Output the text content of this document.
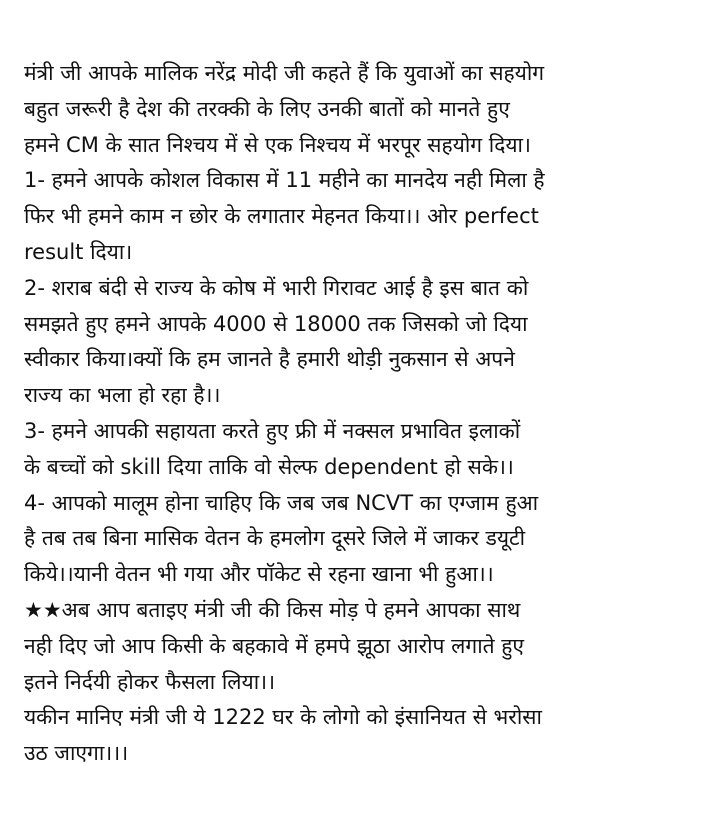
मंत्री जी आपके मालिक नरेंद्र मोदी जी कहते हैं कि युवाओं का सहयोग
बहुत जरूरी है देश की तरक्की के लिए उनकी बातों को मानते हुए
हमने CM के सात निश्चय में से एक निश्चय में भरपूर सहयोग दिया।
1- हमने आपके कोशल विकास में 11 महीने का मानदेय नही मिला है
फिर भी हमने काम न छोर के लगातार मेहनत किया।। ओर perfect
result दिया।
2- शराब बंदी से राज्य के कोष में भारी गिरावट आई है इस बात को
समझते हुए हमने आपके 4000 से 18000 तक जिसको जो दिया
स्वीकार किया।क्यों कि हम जानते है हमारी थोड़ी नुकसान से अपने
राज्य का भला हो रहा है।।
3- हमने आपकी सहायता करते हुए फ्री में नक्सल प्रभावित इलाकों
के बच्चों को skill दिया ताकि वो सेल्फ dependent हो सके।।
4- आपको मालूम होना चाहिए कि जब जब NCVT का एग्जाम हुआ
है तब तब बिना मासिक वेतन के हमलोग दूसरे जिले में जाकर डयूटी
किये।।यानी वेतन भी गया और पॉकेट से रहना खाना भी हुआ।।
★★अब आप बताइए मंत्री जी की किस मोड़ पे हमने आपका साथ
नही दिए जो आप किसी के बहकावे में हमपे झूठा आरोप लगाते हुए
इतने निर्दयी होकर फैसला लिया।।
यकीन मानिए मंत्री जी ये 1222 घर के लोगो को इंसानियत से भरोसा
उठ जाएगा।।।
